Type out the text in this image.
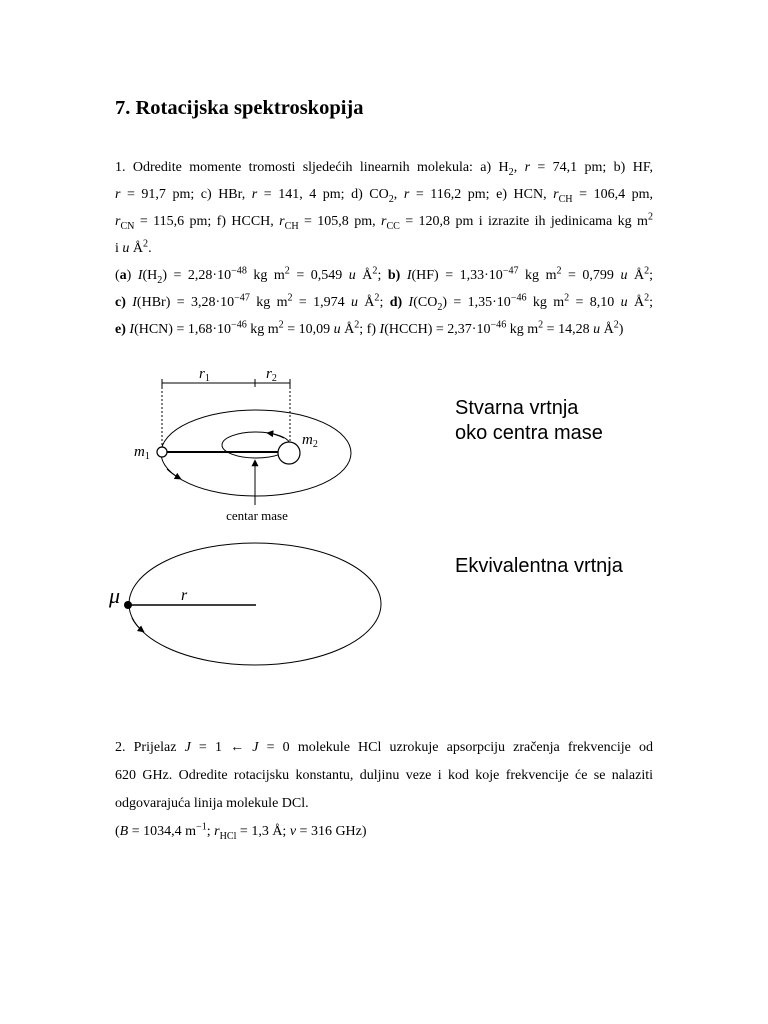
7. Rotacijska spektroskopija
1. Odredite momente tromosti sljedećih linearnih molekula: a) $H_2$, r = 74,1 pm; b) HF,
r = 91,7 pm; c) HBr, r = 141, 4 pm; d) $CO_2$, r = 116,2 pm; e) HCN, $r_{CH} = 106,4$ pm,
$r_{CN} = 115,6$ pm; f) HCCH, $r_{CH} = 105,8$ pm, $r_{CC} = 120,8$ pm i izrazite ih jedinicama kg $m^2$
i u $Å^2$.
(a) $I(H_2) = 2,28\cdot 10^{-48}$ kg $m^2 = 0,549$ u $Å^2$; b) $I(HF) = 1,33\cdot 10^{-47}$ kg $m^2 = 0,799$ u $Å^2$;
c) $I(HBr) = 3,28\cdot 10^{-47}$ kg $m^2 = 1,974$ u $Å^2$; d) $I(CO_2) = 1,35\cdot 10^{-46}$ kg $m^2 = 8,10$ u $Å^2$;
e) $I(HCN) = 1,68\cdot 10^{-46}$ kg $m^2 = 10,09$ u $Å^2$; f) I(HCCH) = $2,37\cdot 10^{-46}$ kg $m^2 = 14,28$ u $Å^2$)
$r_1$	$r_2$
$m_1$
$m_2$
centar mase
μ	r
Stvarna vrtnja
oko centra mase
Ekvivalentna vrtnja
2. Prijelaz J = 1 ← J = 0 molekule HCl uzrokuje apsorpciju zračenja frekvencije od
620 GHz. Odredite rotacijsku konstantu, duljinu veze i kod koje frekvencije će se nalaziti
odgovarajuća linija molekule DCl.
(B = 1034,4 $m^{-1}$; $r_{HCl} = 1,3$ Å; ν = 316 GHz)
